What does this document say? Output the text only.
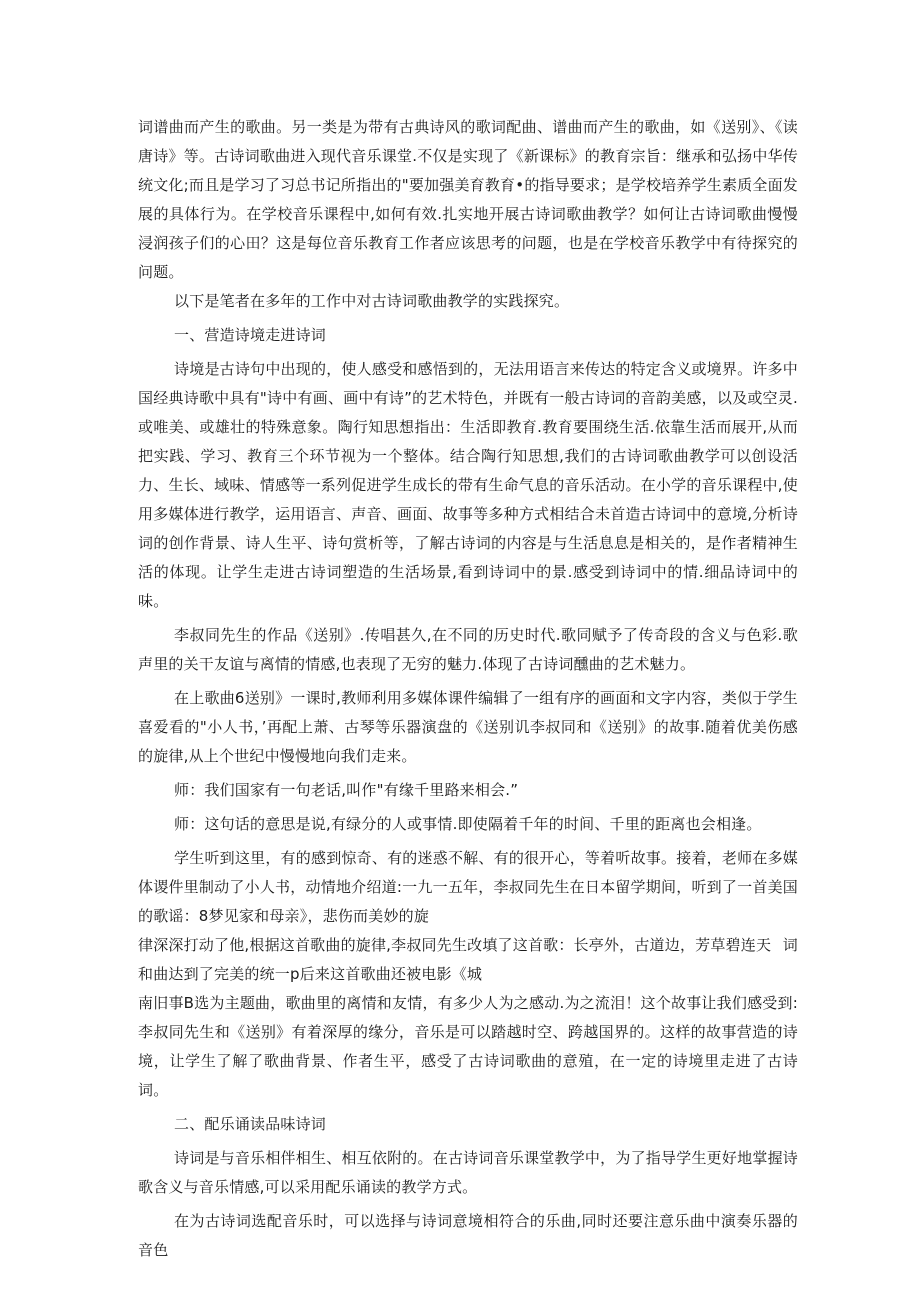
词谱曲而产生的歌曲。另一类是为带有古典诗风的歌词配曲、谱曲而产生的歌曲，如《送别》、《读唐诗》等。古诗词歌曲进入现代音乐课堂.不仅是实现了《新课标》的教育宗旨：继承和弘扬中华传统文化;而且是学习了习总书记所指出的"要加强美育教育•的指导要求；是学校培养学生素质全面发展的具体行为。在学校音乐课程中,如何有效.扎实地开展古诗词歌曲教学？如何让古诗词歌曲慢慢浸润孩子们的心田？这是每位音乐教育工作者应该思考的问题，也是在学校音乐教学中有待探究的问题。

以下是笔者在多年的工作中对古诗词歌曲教学的实践探究。

一、营造诗境走进诗词

诗境是古诗句中出现的，使人感受和感悟到的，无法用语言来传达的特定含义或境界。许多中国经典诗歌中具有"诗中有画、画中有诗”的艺术特色，并既有一般古诗词的音韵美感，以及或空灵.或唯美、或雄壮的特殊意象。陶行知思想指出：生活即教育.教育要围绕生活.依靠生活而展开,从而把实践、学习、教育三个环节视为一个整体。结合陶行知思想,我们的古诗词歌曲教学可以创设活力、生长、域味、情感等一系列促进学生成长的带有生命气息的音乐活动。在小学的音乐课程中,使用多媒体进行教学，运用语言、声音、画面、故事等多种方式相结合未首造古诗词中的意境,分析诗词的创作背景、诗人生平、诗句赏析等，了解古诗词的内容是与生活息息是相关的，是作者精神生活的体现。让学生走进古诗词塑造的生活场景,看到诗词中的景.感受到诗词中的情.细品诗词中的味。

李叔同先生的作品《送别》.传唱甚久,在不同的历史时代.歌同赋予了传奇段的含义与色彩.歌声里的关干友谊与离情的情感,也表现了无穷的魅力.体现了古诗词醺曲的艺术魅力。

在上歌曲6送别》一课时,教师利用多媒体课件编辑了一组有序的画面和文字内容，类似于学生喜爱看的"小人书，’再配上萧、古琴等乐器演盘的《送别讥李叔同和《送别》的故事.随着优美伤感的旋律,从上个世纪中慢慢地向我们走来。

师：我们国家有一句老话,叫作"有缘千里路来相会.”

师：这句话的意思是说,有绿分的人或事情.即使隔着千年的时间、千里的距离也会相逢。

学生听到这里，有的感到惊奇、有的迷惑不解、有的很开心，等着听故事。接着，老师在多媒体谡件里制动了小人书，动情地介绍道:一九一五年，李叔同先生在日本留学期间，听到了一首美国的歌谣：8梦见家和母亲》，悲伤而美妙的旋

律深深打动了他,根据这首歌曲的旋律,李叔同先生改填了这首歌：长亭外，古道边，芳草碧连天 词

和曲达到了完美的统一p后来这首歌曲还被电影《城

南旧事B选为主题曲，歌曲里的离情和友情，有多少人为之感动.为之流泪！这个故事让我们感受到:李叔同先生和《送别》有着深厚的缘分，音乐是可以踏越时空、跨越国界的。这样的故事营造的诗境，让学生了解了歌曲背景、作者生平，感受了古诗词歌曲的意殖，在一定的诗境里走进了古诗词。

二、配乐诵读品味诗词

诗词是与音乐相伴相生、相互依附的。在古诗词音乐课堂教学中，为了指导学生更好地掌握诗歌含义与音乐情感,可以采用配乐诵读的教学方式。

在为古诗词选配音乐时，可以选择与诗词意境相符合的乐曲,同时还要注意乐曲中演奏乐器的音色
